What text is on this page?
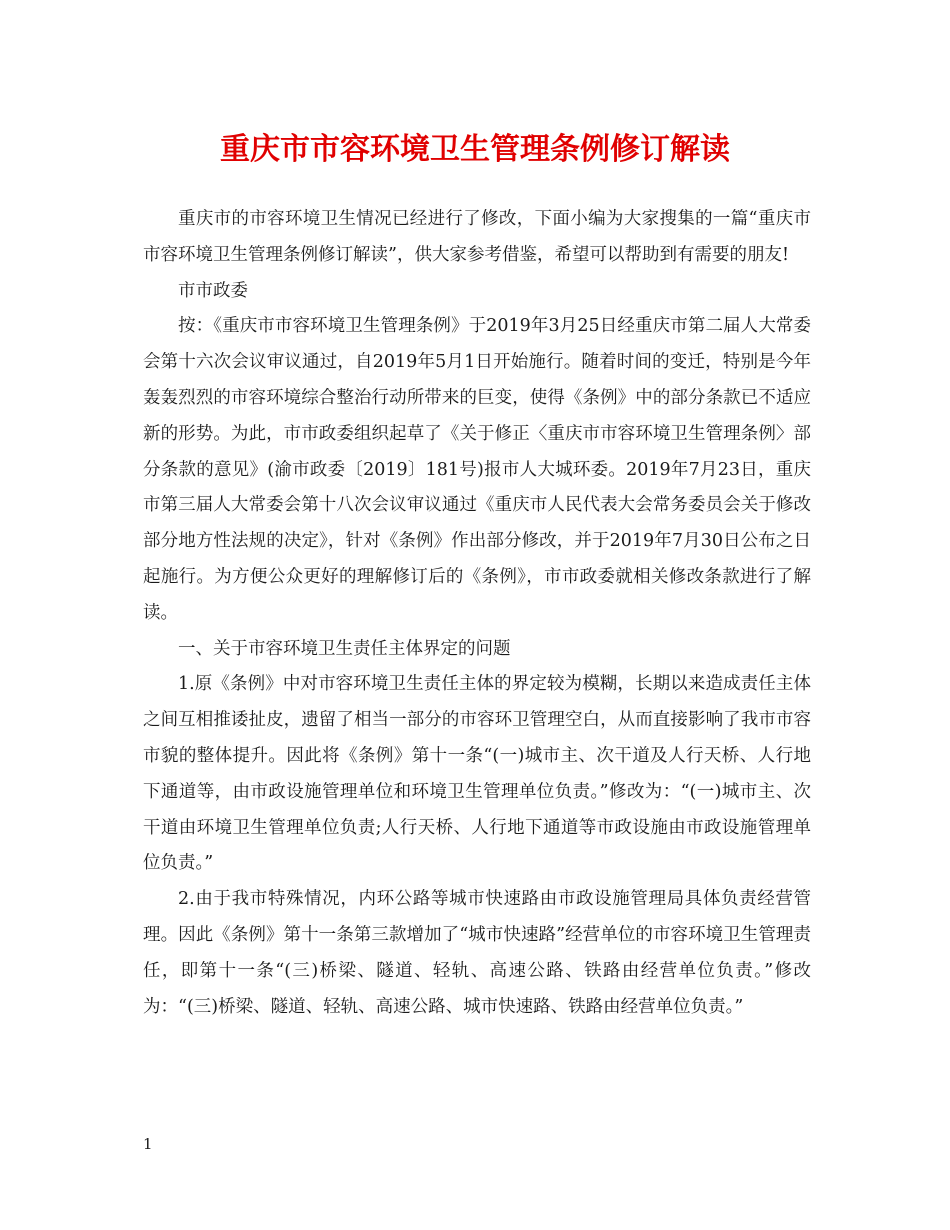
重庆市市容环境卫生管理条例修订解读

重庆市的市容环境卫生情况已经进行了修改，下面小编为大家搜集的一篇“重庆市市容环境卫生管理条例修订解读”，供大家参考借鉴，希望可以帮助到有需要的朋友!

市市政委

按：《重庆市市容环境卫生管理条例》于2019年3月25日经重庆市第二届人大常委会第十六次会议审议通过，自2019年5月1日开始施行。随着时间的变迁，特别是今年轰轰烈烈的市容环境综合整治行动所带来的巨变，使得《条例》中的部分条款已不适应新的形势。为此，市市政委组织起草了《关于修正〈重庆市市容环境卫生管理条例〉部分条款的意见》(渝市政委〔2019〕181号)报市人大城环委。2019年7月23日，重庆市第三届人大常委会第十八次会议审议通过《重庆市人民代表大会常务委员会关于修改部分地方性法规的决定》，针对《条例》作出部分修改，并于2019年7月30日公布之日起施行。为方便公众更好的理解修订后的《条例》，市市政委就相关修改条款进行了解读。

一、关于市容环境卫生责任主体界定的问题

1.原《条例》中对市容环境卫生责任主体的界定较为模糊，长期以来造成责任主体之间互相推诿扯皮，遗留了相当一部分的市容环卫管理空白，从而直接影响了我市市容市貌的整体提升。因此将《条例》第十一条“(一)城市主、次干道及人行天桥、人行地下通道等，由市政设施管理单位和环境卫生管理单位负责。”修改为：“(一)城市主、次干道由环境卫生管理单位负责;人行天桥、人行地下通道等市政设施由市政设施管理单位负责。”

2.由于我市特殊情况，内环公路等城市快速路由市政设施管理局具体负责经营管理。因此《条例》第十一条第三款增加了“城市快速路”经营单位的市容环境卫生管理责任，即第十一条“(三)桥梁、隧道、轻轨、高速公路、铁路由经营单位负责。”修改为：“(三)桥梁、隧道、轻轨、高速公路、城市快速路、铁路由经营单位负责。”

1
